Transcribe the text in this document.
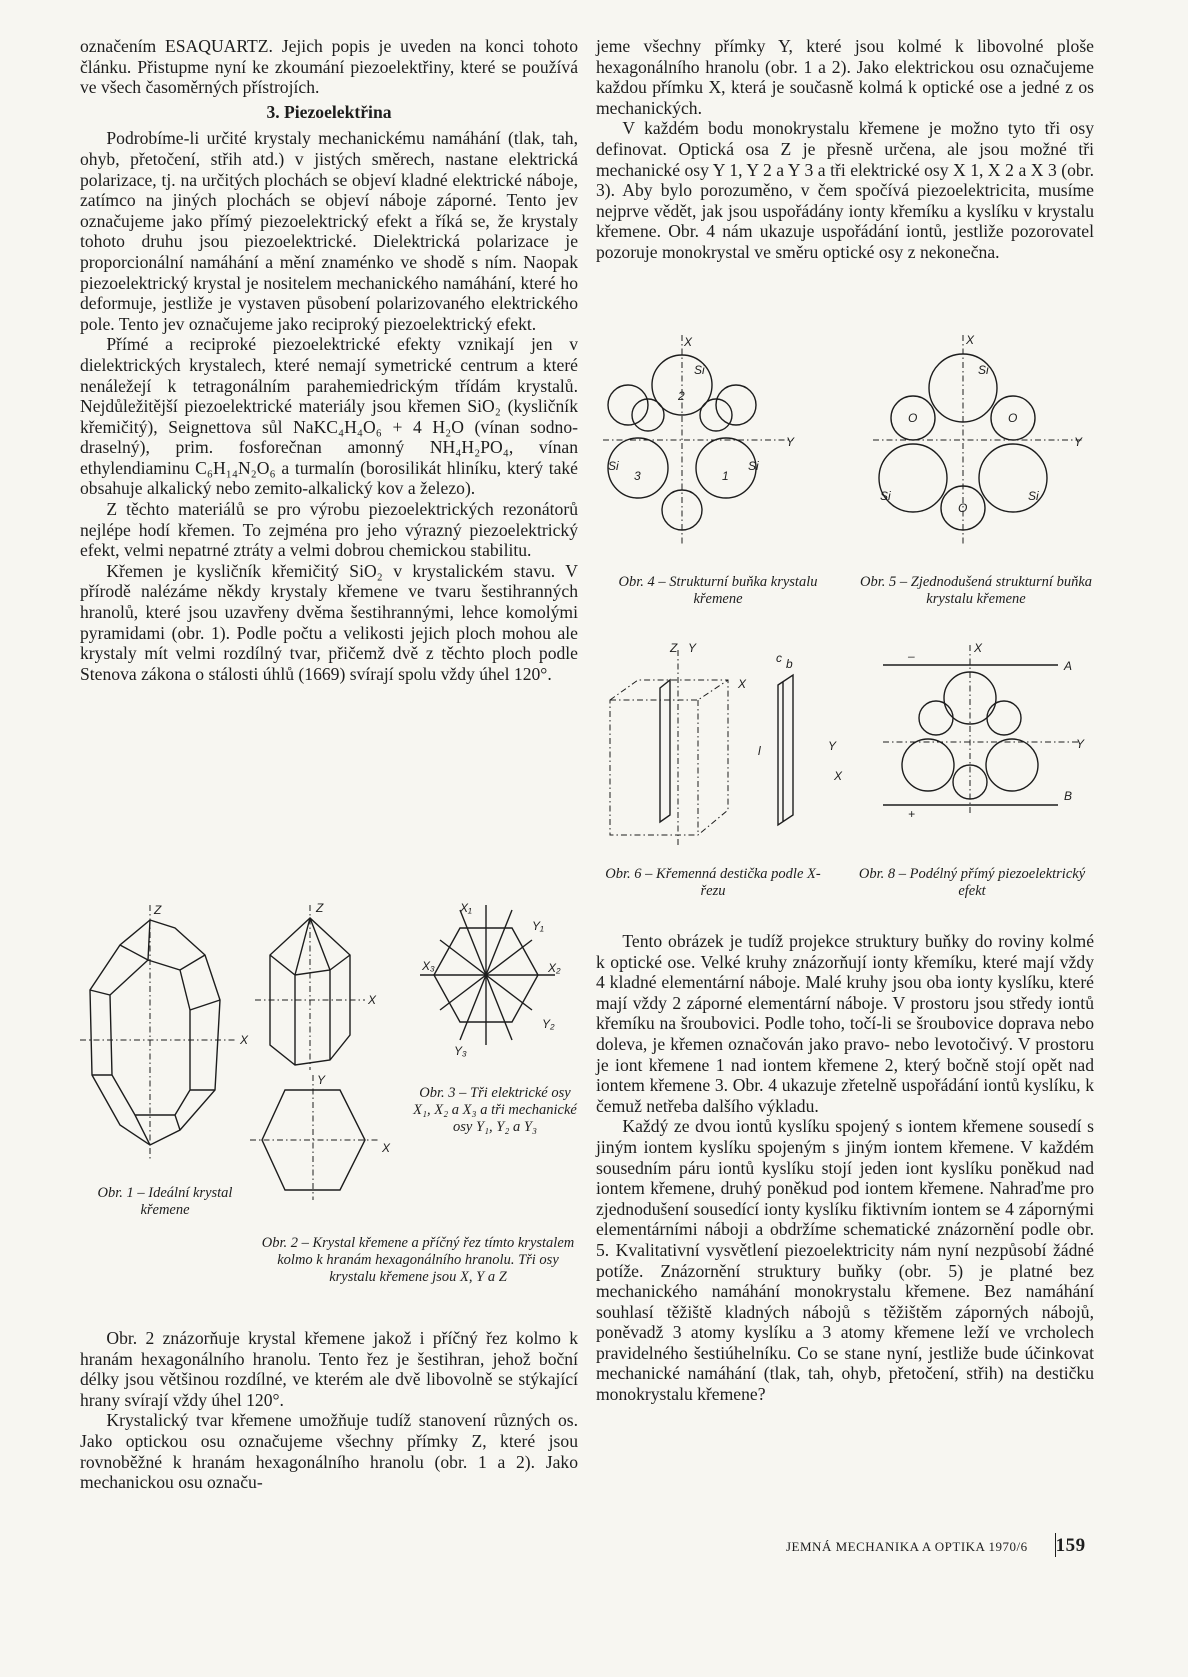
označením ESAQUARTZ. Jejich popis je uveden na konci tohoto článku. Přistupme nyní ke zkoumání piezoelektřiny, které se používá ve všech časoměrných přístrojích.

3. Piezoelektřina

Podrobíme-li určité krystaly mechanickému namáhání (tlak, tah, ohyb, přetočení, střih atd.) v jistých směrech, nastane elektrická polarizace, tj. na určitých plochách se objeví kladné elektrické náboje, zatímco na jiných plochách se objeví náboje záporné. Tento jev označujeme jako přímý piezoelektrický efekt a říká se, že krystaly tohoto druhu jsou piezoelektrické. Dielektrická polarizace je proporcionální namáhání a mění znaménko ve shodě s ním. Naopak piezoelektrický krystal je nositelem mechanického namáhání, které ho deformuje, jestliže je vystaven působení polarizovaného elektrického pole. Tento jev označujeme jako reciproký piezoelektrický efekt.

Přímé a reciproké piezoelektrické efekty vznikají jen v dielektrických krystalech, které nemají symetrické centrum a které nenáležejí k tetragonálním parahemiedrickým třídám krystalů. Nejdůležitější piezoelektrické materiály jsou křemen SiO₂ (kysličník křemičitý), Seignettova sůl NaKC₄H₄O₆ + 4 H₂O (vínan sodno-draselný), prim. fosforečnan amonný NH₄H₂PO₄, vínan ethylendiaminu C₆H₁₄N₂O₆ a turmalín (borosilikát hliníku, který také obsahuje alkalický nebo zemito-alkalický kov a železo).

Z těchto materiálů se pro výrobu piezoelektrických rezonátorů nejlépe hodí křemen. To zejména pro jeho výrazný piezoelektrický efekt, velmi nepatrné ztráty a velmi dobrou chemickou stabilitu.

Křemen je kysličník křemičitý SiO₂ v krystalickém stavu. V přírodě nalézáme někdy krystaly křemene ve tvaru šestihranných hranolů, které jsou uzavřeny dvěma šestihrannými, lehce komolými pyramidami (obr. 1). Podle počtu a velikosti jejich ploch mohou ale krystaly mít velmi rozdílný tvar, přičemž dvě z těchto ploch podle Stenova zákona o stálosti úhlů (1669) svírají spolu vždy úhel 120°.

Z
X
Z
X
Y
X
X₁
X₂
X₃
Y₁
Y₂
Y₃
Obr. 1 – Ideální krystal křemene
Obr. 2 – Krystal křemene a příčný řez tímto krystalem kolmo k hranám hexagonálního hranolu. Tři osy krystalu křemene jsou X, Y a Z
Obr. 3 – Tři elektrické osy X₁, X₂ a X₃ a tři mechanické osy Y₁, Y₂ a Y₃

Obr. 2 znázorňuje krystal křemene jakož i příčný řez kolmo k hranám hexagonálního hranolu. Tento řez je šestihran, jehož boční délky jsou většinou rozdílné, ve kterém ale dvě libovolně se stýkající hrany svírají vždy úhel 120°.

Krystalický tvar křemene umožňuje tudíž stanovení různých os. Jako optickou osu označujeme všechny přímky Z, které jsou rovnoběžné k hranám hexagonálního hranolu (obr. 1 a 2). Jako mechanickou osu označu-

jeme všechny přímky Y, které jsou kolmé k libovolné ploše hexagonálního hranolu (obr. 1 a 2). Jako elektrickou osu označujeme každou přímku X, která je současně kolmá k optické ose a jedné z os mechanických.

V každém bodu monokrystalu křemene je možno tyto tři osy definovat. Optická osa Z je přesně určena, ale jsou možné tři mechanické osy Y 1, Y 2 a Y 3 a tři elektrické osy X 1, X 2 a X 3 (obr. 3). Aby bylo porozuměno, v čem spočívá piezoelektricita, musíme nejprve vědět, jak jsou uspořádány ionty křemíku a kyslíku v krystalu křemene. Obr. 4 nám ukazuje uspořádání iontů, jestliže pozorovatel pozoruje monokrystal ve směru optické osy z nekonečna.

Si
Si	Si
X
Y
2
3	1
Si
Si	Si
O	O
O
X
Y
Obr. 4 – Strukturní buňka krystalu křemene
Obr. 5 – Zjednodušená strukturní buňka krystalu křemene
Z Y
X
Y
X
c b
l
A
B
X
Y
–
+
Obr. 6 – Křemenná destička podle X-řezu
Obr. 8 – Podélný přímý piezoelektrický efekt

Tento obrázek je tudíž projekce struktury buňky do roviny kolmé k optické ose. Velké kruhy znázorňují ionty křemíku, které mají vždy 4 kladné elementární náboje. Malé kruhy jsou oba ionty kyslíku, které mají vždy 2 záporné elementární náboje. V prostoru jsou středy iontů křemíku na šroubovici. Podle toho, točí-li se šroubovice doprava nebo doleva, je křemen označován jako pravo- nebo levotočivý. V prostoru je iont křemene 1 nad iontem křemene 2, který bočně stojí opět nad iontem křemene 3. Obr. 4 ukazuje zřetelně uspořádání iontů kyslíku, k čemuž netřeba dalšího výkladu.

Každý ze dvou iontů kyslíku spojený s iontem křemene sousedí s jiným iontem kyslíku spojeným s jiným iontem křemene. V každém sousedním páru iontů kyslíku stojí jeden iont kyslíku poněkud nad iontem křemene, druhý poněkud pod iontem křemene. Nahraďme pro zjednodušení sousedící ionty kyslíku fiktivním iontem se 4 zápornými elementárními náboji a obdržíme schematické znázornění podle obr. 5. Kvalitativní vysvětlení piezoelektricity nám nyní nezpůsobí žádné potíže. Znázornění struktury buňky (obr. 5) je platné bez mechanického namáhání monokrystalu křemene. Bez namáhání souhlasí těžiště kladných nábojů s těžištěm záporných nábojů, poněvadž 3 atomy kyslíku a 3 atomy křemene leží ve vrcholech pravidelného šestiúhelníku. Co se stane nyní, jestliže bude účinkovat mechanické namáhání (tlak, tah, ohyb, přetočení, střih) na destičku monokrystalu křemene?

JEMNÁ MECHANIKA A OPTIKA 1970/6 159
